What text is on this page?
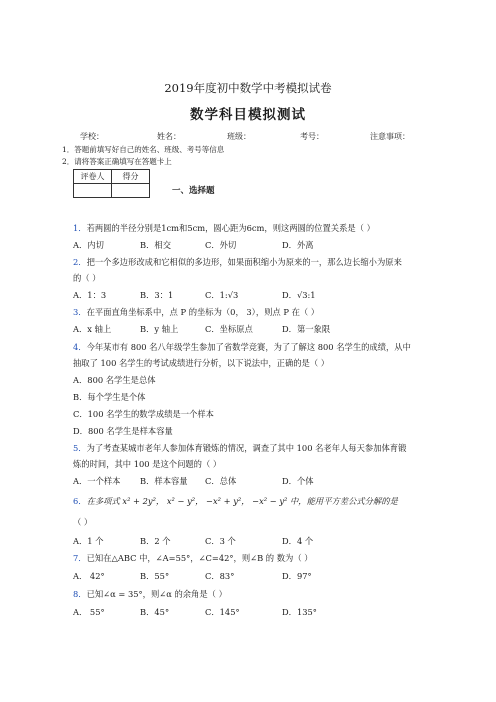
2019年度初中数学中考模拟试卷
数学科目模拟测试
学校：	姓名：	班级：	考号：	注意事项：
1．答题前填写好自己的姓名、班级、考号等信息
2．请将答案正确填写在答题卡上
评卷人	得分

一、选择题
1．若两圆的半径分别是1cm和5cm，圆心距为6cm，则这两圆的位置关系是（ ）
A．内切	B．相交	C．外切	D．外离
2．把一个多边形改成和它相似的多边形，如果面积缩小为原来的一，那么边长缩小为原来
的（ ）
A．1：3	B．3：1	C．1:√3	D．√3:1
3．在平面直角坐标系中，点 P 的坐标为（0， 3），则点 P 在（ ）
A．x 轴上	B．y 轴上	C．坐标原点	D．第一象限
4．今年某市有 800 名八年级学生参加了省数学竞赛，为了了解这 800 名学生的成绩，从中
抽取了 100 名学生的考试成绩进行分析，以下说法中，正确的是（ ）
A．800 名学生是总体
B．每个学生是个体
C．100 名学生的数学成绩是一个样本
D．800 名学生是样本容量
5．为了考查某城市老年人参加体育锻炼的情况，调查了其中 100 名老年人每天参加体育锻
炼的时间，其中 100 是这个问题的（ ）
A．一个样本 B．样本容量 C．总体	D．个体
6．在多项式 x² + 2y²， x² − y²， −x² + y²， −x² − y² 中，能用平方差公式分解的是
（ ）
A．1 个	B．2 个	C．3 个	D．4 个
7．已知在△ABC 中，∠A=55°，∠C=42°，则∠B 的 数为（ ）
A． 42°	B．55°	C．83°	D．97°
8．已知∠α = 35°，则∠α 的余角是（ ）
A． 55°	B．45°	C．145°	D．135°
